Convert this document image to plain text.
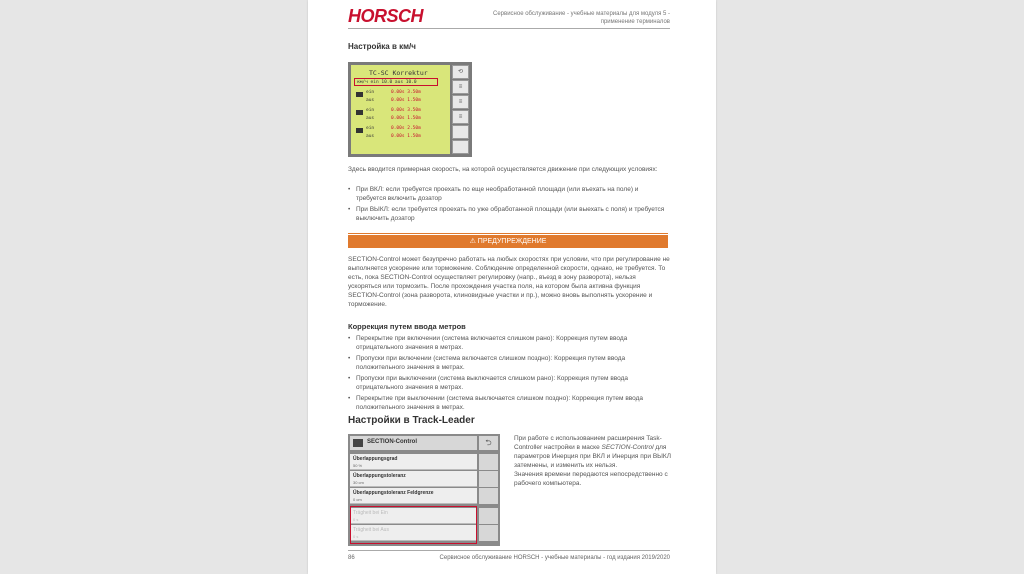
HORSCH	Сервисное обслуживание - учебные материалы для модуля 5 -
применение терминалов
Настройка в км/ч
TC-SC Korrektur
км/ч ein 10.0 aus 10.0
ein	0.00s 3.50m
aus	0.00s 1.50m
ein	0.00s 3.50m
aus	0.00s 1.50m
ein	0.00s 2.50m
aus	0.00s 1.50m
⟲
≡
≡
≡
Здесь вводится примерная скорость, на которой осуществляется движение при следующих условиях:
• При ВКЛ: если требуется проехать по еще необработанной площади (или въехать на поле) и требуется включить дозатор
• При ВЫКЛ: если требуется проехать по уже обработанной площади (или выехать с поля) и требуется выключить дозатор
⚠ ПРЕДУПРЕЖДЕНИЕ
SECTION-Control может безупречно работать на любых скоростях при условии, что при регулирование не выполняется ускорение или торможение. Соблюдение определенной скорости, однако, не требуется. То есть, пока SECTION-Control осуществляет регулировку (напр., въезд в зону разворота), нельзя ускоряться или тормозить. После прохождения участка поля, на котором была активна функция SECTION-Control (зона разворота, клиновидные участки и пр.), можно вновь выполнять ускорение и торможение.
Коррекция путем ввода метров
• Перекрытие при включении (система включается слишком рано): Коррекция путем ввода отрицательного значения в метрах.
• Пропуски при включении (система включается слишком поздно): Коррекция путем ввода положительного значения в метрах.
• Пропуски при выключении (система выключается слишком рано): Коррекция путем ввода отрицательного значения в метрах.
• Перекрытие при выключении (система выключается слишком поздно): Коррекция путем ввода положительного значения в метрах.
Настройки в Track-Leader
SECTION-Control	⮌
Überlappungsgrad
50 %
Überlappungstoleranz
30 cm
Überlappungstoleranz Feldgrenze
0 cm
Trägheit bei Ein
0 s
Trägheit bei Aus
0 s
При работе с использованием расширения Task-Controller настройки в маске SECTION-Control для параметров Инерция при ВКЛ и Инерция при ВЫКЛ затемнены, и изменить их нельзя.
Значения времени передаются непосредственно с рабочего компьютера.
86	Сервисное обслуживание HORSCH - учебные материалы - год издания 2019/2020
